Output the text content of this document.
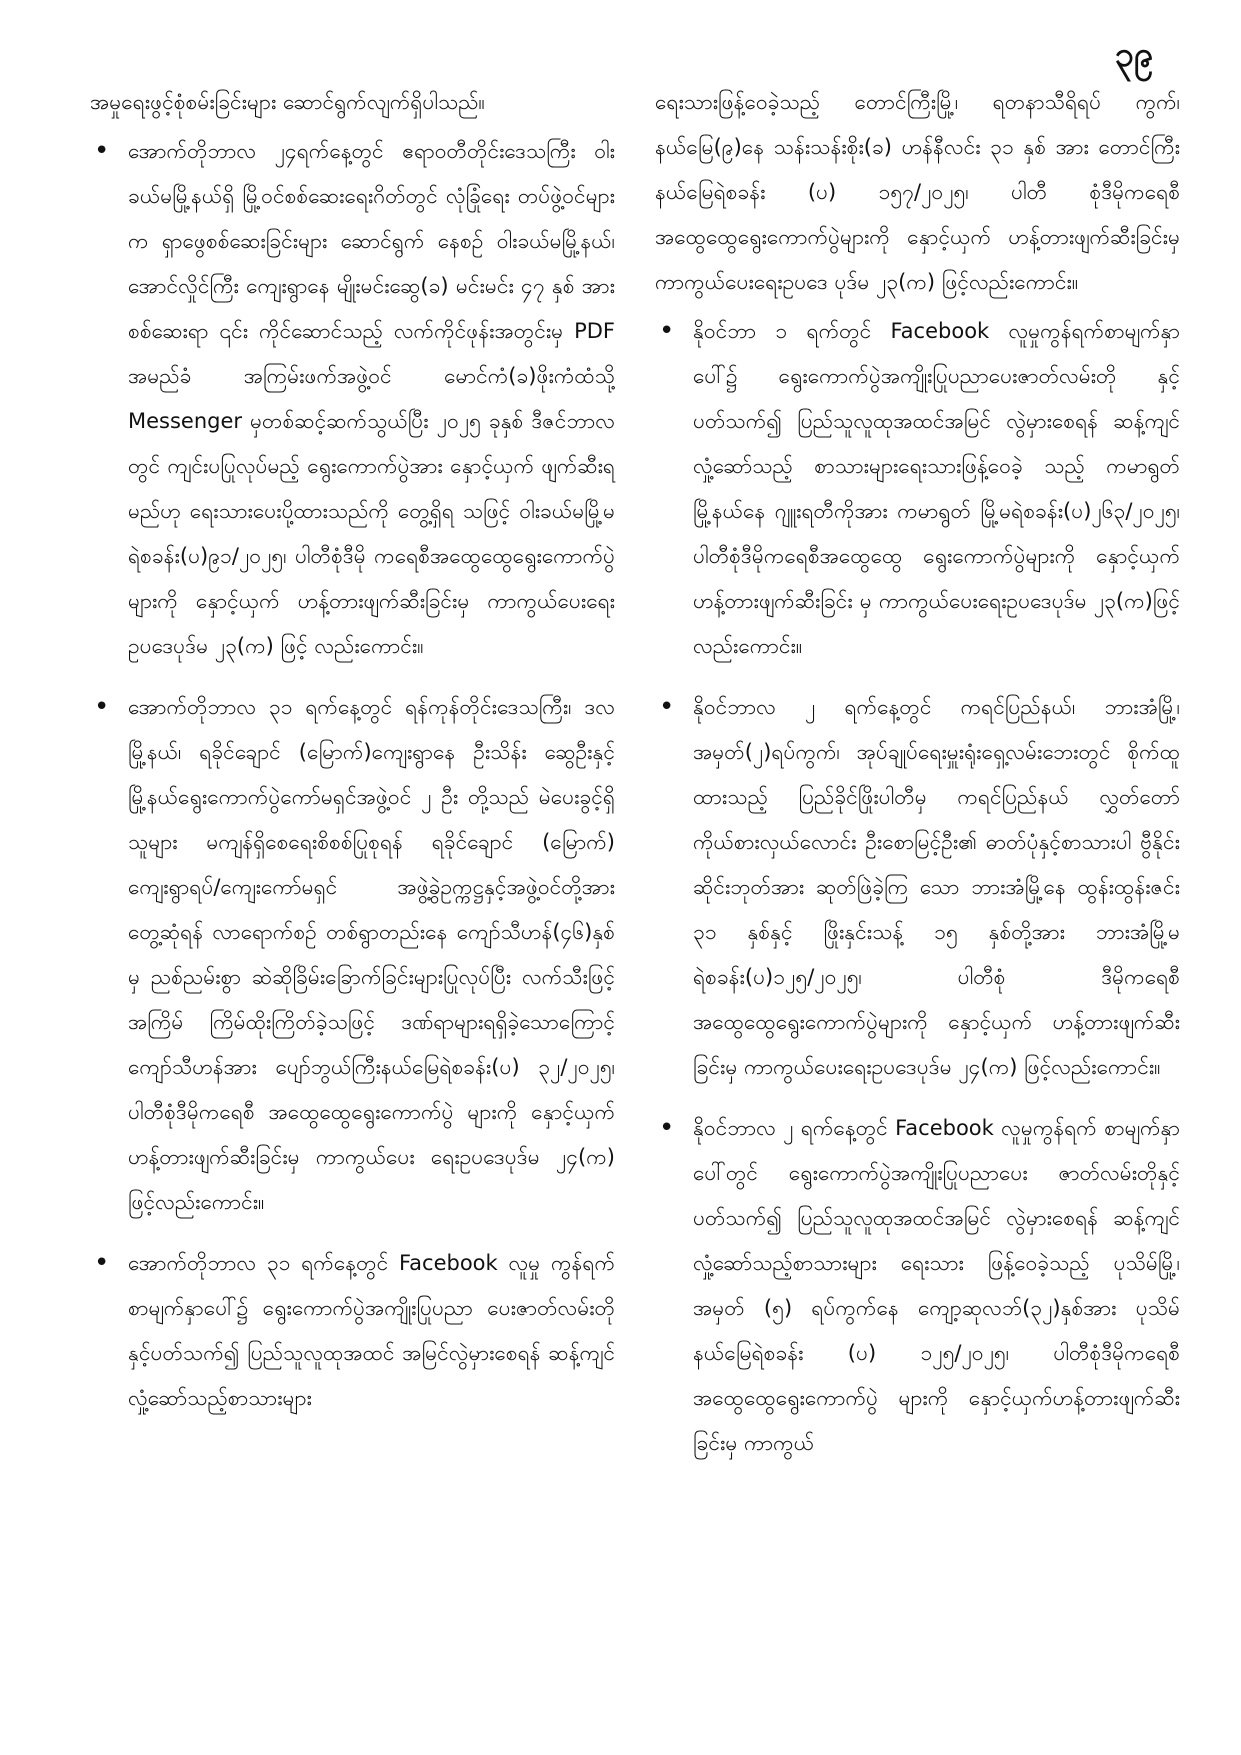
၃၉

အမှုရေးဖွင့်စုံစမ်းခြင်းများ ဆောင်ရွက်လျက်ရှိပါသည်။

• အောက်တိုဘာလ ၂၄ရက်နေ့တွင် ဧရာဝတီတိုင်းဒေသကြီး ဝါးခယ်မမြို့နယ်ရှိ မြို့ဝင်စစ်ဆေးရေးဂိတ်တွင် လုံခြုံရေး တပ်ဖွဲ့ဝင်များက ရှာဖွေစစ်ဆေးခြင်းများ ဆောင်ရွက် နေစဉ် ဝါးခယ်မမြို့နယ်၊ အောင်လှိုင်ကြီး ကျေးရွာနေ မျိုးမင်းဆွေ(ခ) မင်းမင်း ၄၇ နှစ် အားစစ်ဆေးရာ ၎င်း ကိုင်ဆောင်သည့် လက်ကိုင်ဖုန်းအတွင်းမှ PDF အမည်ခံ အကြမ်းဖက်အဖွဲ့ဝင် မောင်ကံ(ခ)ဖိုးကံထံသို့ Messenger မှတစ်ဆင့်ဆက်သွယ်ပြီး ၂၀၂၅ ခုနှစ် ဒီဇင်ဘာလတွင် ကျင်းပပြုလုပ်မည့် ရွေးကောက်ပွဲအား နှောင့်ယှက် ဖျက်ဆီးရမည်ဟု ရေးသားပေးပို့ထားသည်ကို တွေ့ရှိရ သဖြင့် ဝါးခယ်မမြို့မရဲစခန်း(ပ)၉၁/၂၀၂၅၊ ပါတီစုံဒီမို ကရေစီအထွေထွေရွေးကောက်ပွဲများကို နှောင့်ယှက် ဟန့်တားဖျက်ဆီးခြင်းမှ ကာကွယ်ပေးရေးဥပဒေပုဒ်မ ၂၃(က) ဖြင့် လည်းကောင်း။
• အောက်တိုဘာလ ၃၁ ရက်နေ့တွင် ရန်ကုန်တိုင်းဒေသကြီး၊ ဒလမြို့နယ်၊ ရခိုင်ချောင် (မြောက်)ကျေးရွာနေ ဦးသိန်း ဆွေဦးနှင့် မြို့နယ်ရွေးကောက်ပွဲကော်မရှင်အဖွဲ့ဝင် ၂ ဦး တို့သည် မဲပေးခွင့်ရှိသူများ မကျန်ရှိစေရေးစိစစ်ပြုစုရန် ရခိုင်ချောင် (မြောက်) ကျေးရွာရပ်/ကျေးကော်မရှင် အဖွဲ့ခွဲဥက္ကဋ္ဌနှင့်အဖွဲ့ဝင်တို့အား တွေ့ဆုံရန် လာရောက်စဉ် တစ်ရွာတည်းနေ ကျော်သီဟန်(၄၆)နှစ်မှ ညစ်ညမ်းစွာ ဆဲဆိုခြိမ်းခြောက်ခြင်းများပြုလုပ်ပြီး လက်သီးဖြင့်အကြိမ် ကြိမ်ထိုးကြိတ်ခဲ့သဖြင့် ဒဏ်ရာများရရှိခဲ့သောကြောင့် ကျော်သီဟန်အား ပျော်ဘွယ်ကြီးနယ်မြေရဲစခန်း(ပ) ၃၂/၂၀၂၅၊ ပါတီစုံဒီမိုကရေစီ အထွေထွေရွေးကောက်ပွဲ များကို နှောင့်ယှက်ဟန့်တားဖျက်ဆီးခြင်းမှ ကာကွယ်ပေး ရေးဥပဒေပုဒ်မ ၂၄(က) ဖြင့်လည်းကောင်း။
• အောက်တိုဘာလ ၃၁ ရက်နေ့တွင် Facebook လူမှု ကွန်ရက်စာမျက်နှာပေါ်၌ ရွေးကောက်ပွဲအကျိုးပြုပညာ ပေးဇာတ်လမ်းတိုနှင့်ပတ်သက်၍ ပြည်သူလူထုအထင် အမြင်လွဲမှားစေရန် ဆန့်ကျင်လှုံ့ဆော်သည့်စာသားများ

ရေးသားဖြန့်ဝေခဲ့သည့် တောင်ကြီးမြို့၊ ရတနာသီရိရပ် ကွက်၊နယ်မြေ(၉)နေ သန်းသန်းစိုး(ခ) ဟန်နီလင်း ၃၁ နှစ် အား တောင်ကြီးနယ်မြေရဲစခန်း (ပ) ၁၅၇/၂၀၂၅၊ ပါတီ စုံဒီမိုကရေစီ အထွေထွေရွေးကောက်ပွဲများကို နှောင့်ယှက် ဟန့်တားဖျက်ဆီးခြင်းမှ ကာကွယ်ပေးရေးဥပဒေ ပုဒ်မ ၂၃(က) ဖြင့်လည်းကောင်း။

• နိုဝင်ဘာ ၁ ရက်တွင် Facebook လူမှုကွန်ရက်စာမျက်နှာ ပေါ်၌ ရွေးကောက်ပွဲအကျိုးပြုပညာပေးဇာတ်လမ်းတို နှင့်ပတ်သက်၍ ပြည်သူလူထုအထင်အမြင် လွဲမှားစေရန် ဆန့်ကျင်လှုံ့ဆော်သည့် စာသားများရေးသားဖြန့်ဝေခဲ့ သည့် ကမာရွတ်မြို့နယ်နေ ဂျူးရတီကိုအား ကမာရွတ် မြို့မရဲစခန်း(ပ)၂၆၃/၂၀၂၅၊ ပါတီစုံဒီမိုကရေစီအထွေထွေ ရွေးကောက်ပွဲများကို နှောင့်ယှက်ဟန့်တားဖျက်ဆီးခြင်း မှ ကာကွယ်ပေးရေးဥပဒေပုဒ်မ ၂၃(က)ဖြင့်လည်းကောင်း။
• နိုဝင်ဘာလ ၂ ရက်နေ့တွင် ကရင်ပြည်နယ်၊ ဘားအံမြို့၊ အမှတ်(၂)ရပ်ကွက်၊ အုပ်ချုပ်ရေးမှူးရုံးရှေ့လမ်းဘေးတွင် စိုက်ထူထားသည့် ပြည်ခိုင်ဖြိုးပါတီမှ ကရင်ပြည်နယ် လွှတ်တော်ကိုယ်စားလှယ်လောင်း ဦးစောမြင့်ဦး၏ ဓာတ်ပုံနှင့်စာသားပါ ဗွီနိုင်းဆိုင်းဘုတ်အား ဆုတ်ဖြဲခဲ့ကြ သော ဘားအံမြို့နေ ထွန်းထွန်းဇင်း ၃၁ နှစ်နှင့် ဖြိုးနှင်းသန့် ၁၅ နှစ်တို့အား ဘားအံမြို့မရဲစခန်း(ပ)၁၂၅/၂၀၂၅၊ ပါတီစုံ ဒီမိုကရေစီ အထွေထွေရွေးကောက်ပွဲများကို နှောင့်ယှက် ဟန့်တားဖျက်ဆီးခြင်းမှ ကာကွယ်ပေးရေးဥပဒေပုဒ်မ ၂၄(က) ဖြင့်လည်းကောင်း။
• နိုဝင်ဘာလ ၂ ရက်နေ့တွင် Facebook လူမှုကွန်ရက် စာမျက်နှာပေါ်တွင် ရွေးကောက်ပွဲအကျိုးပြုပညာပေး ဇာတ်လမ်းတိုနှင့်ပတ်သက်၍ ပြည်သူလူထုအထင်အမြင် လွဲမှားစေရန် ဆန့်ကျင်လှုံ့ဆော်သည့်စာသားများ ရေးသား ဖြန့်ဝေခဲ့သည့် ပုသိမ်မြို့၊ အမှတ် (၅) ရပ်ကွက်နေ ကျော့ဆုလဘ်(၃၂)နှစ်အား ပုသိမ်နယ်မြေရဲစခန်း (ပ) ၁၂၅/၂၀၂၅၊ ပါတီစုံဒီမိုကရေစီအထွေထွေရွေးကောက်ပွဲ များကို နှောင့်ယှက်ဟန့်တားဖျက်ဆီးခြင်းမှ ကာကွယ်
